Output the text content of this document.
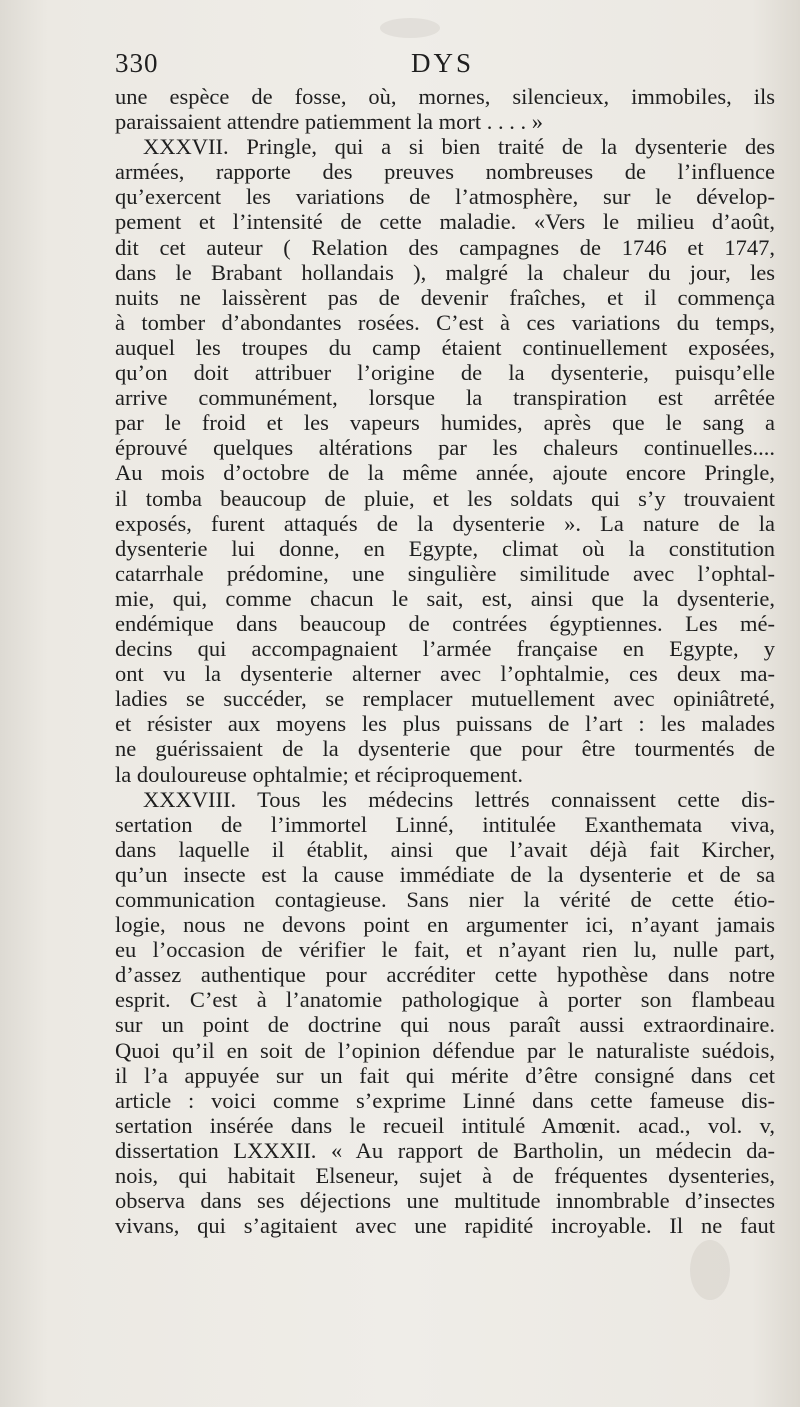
330	DYS
une espèce de fosse, où, mornes, silencieux, immobiles, ils
paraissaient attendre patiemment la mort . . . . »
XXXVII. Pringle, qui a si bien traité de la dysenterie des
armées, rapporte des preuves nombreuses de l’influence
qu’exercent les variations de l’atmosphère, sur le dévelop-
pement et l’intensité de cette maladie. «Vers le milieu d’août,
dit cet auteur ( Relation des campagnes de 1746 et 1747,
dans le Brabant hollandais ), malgré la chaleur du jour, les
nuits ne laissèrent pas de devenir fraîches, et il commença
à tomber d’abondantes rosées. C’est à ces variations du temps,
auquel les troupes du camp étaient continuellement exposées,
qu’on doit attribuer l’origine de la dysenterie, puisqu’elle
arrive communément, lorsque la transpiration est arrêtée
par le froid et les vapeurs humides, après que le sang a
éprouvé quelques altérations par les chaleurs continuelles....
Au mois d’octobre de la même année, ajoute encore Pringle,
il tomba beaucoup de pluie, et les soldats qui s’y trouvaient
exposés, furent attaqués de la dysenterie ». La nature de la
dysenterie lui donne, en Egypte, climat où la constitution
catarrhale prédomine, une singulière similitude avec l’ophtal-
mie, qui, comme chacun le sait, est, ainsi que la dysenterie,
endémique dans beaucoup de contrées égyptiennes. Les mé-
decins qui accompagnaient l’armée française en Egypte, y
ont vu la dysenterie alterner avec l’ophtalmie, ces deux ma-
ladies se succéder, se remplacer mutuellement avec opiniâtreté,
et résister aux moyens les plus puissans de l’art : les malades
ne guérissaient de la dysenterie que pour être tourmentés de
la douloureuse ophtalmie; et réciproquement.
XXXVIII. Tous les médecins lettrés connaissent cette dis-
sertation de l’immortel Linné, intitulée Exanthemata viva,
dans laquelle il établit, ainsi que l’avait déjà fait Kircher,
qu’un insecte est la cause immédiate de la dysenterie et de sa
communication contagieuse. Sans nier la vérité de cette étio-
logie, nous ne devons point en argumenter ici, n’ayant jamais
eu l’occasion de vérifier le fait, et n’ayant rien lu, nulle part,
d’assez authentique pour accréditer cette hypothèse dans notre
esprit. C’est à l’anatomie pathologique à porter son flambeau
sur un point de doctrine qui nous paraît aussi extraordinaire.
Quoi qu’il en soit de l’opinion défendue par le naturaliste suédois,
il l’a appuyée sur un fait qui mérite d’être consigné dans cet
article : voici comme s’exprime Linné dans cette fameuse dis-
sertation insérée dans le recueil intitulé Amœnit. acad., vol. v,
dissertation LXXXII. « Au rapport de Bartholin, un médecin da-
nois, qui habitait Elseneur, sujet à de fréquentes dysenteries,
observa dans ses déjections une multitude innombrable d’insectes
vivans, qui s’agitaient avec une rapidité incroyable. Il ne faut
